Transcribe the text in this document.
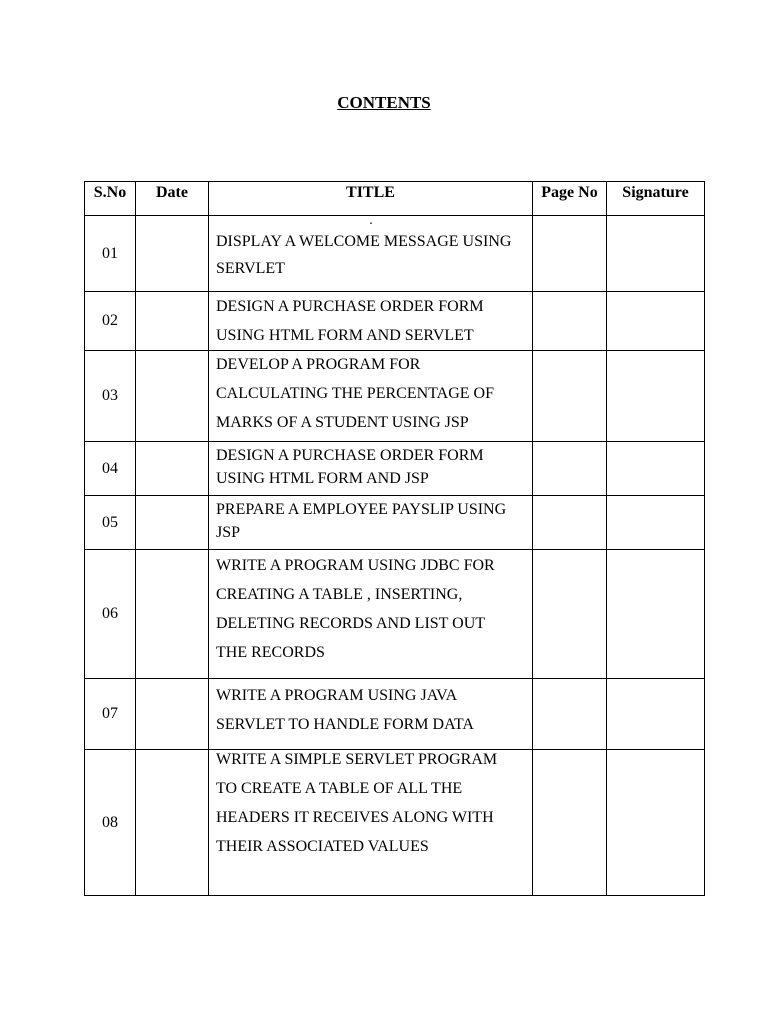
CONTENTS
S.No	Date	TITLE	Page No	Signature
01		.
DISPLAY A WELCOME MESSAGE USING
SERVLET		

02		DESIGN A PURCHASE ORDER FORM
USING HTML FORM AND SERVLET		

03		DEVELOP A PROGRAM FOR
CALCULATING THE PERCENTAGE OF
MARKS OF A STUDENT USING JSP		

04		DESIGN A PURCHASE ORDER FORM
USING HTML FORM AND JSP		

05		PREPARE A EMPLOYEE PAYSLIP USING
JSP		

06		WRITE A PROGRAM USING JDBC FOR
CREATING A TABLE , INSERTING,
DELETING RECORDS AND LIST OUT
THE RECORDS		

07		WRITE A PROGRAM USING JAVA
SERVLET TO HANDLE FORM DATA		

08		WRITE A SIMPLE SERVLET PROGRAM
TO CREATE A TABLE OF ALL THE
HEADERS IT RECEIVES ALONG WITH
THEIR ASSOCIATED VALUES		
